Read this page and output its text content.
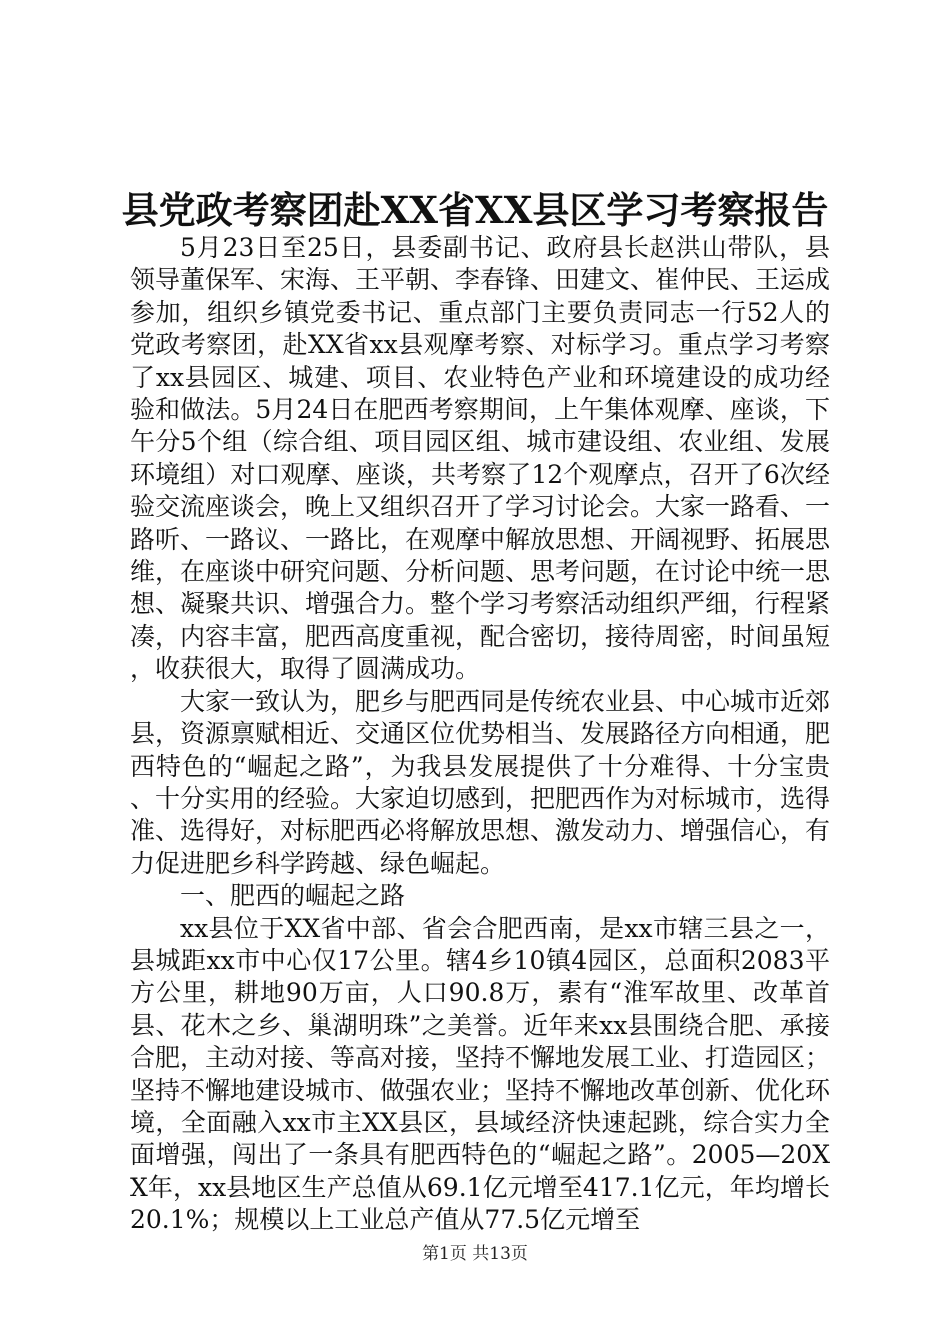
县党政考察团赴XX省XX县区学习考察报告

5月23日至25日，县委副书记、政府县长赵洪山带队，县领导董保军、宋海、王平朝、李春锋、田建文、崔仲民、王运成参加，组织乡镇党委书记、重点部门主要负责同志一行52人的党政考察团，赴XX省xx县观摩考察、对标学习。重点学习考察了xx县园区、城建、项目、农业特色产业和环境建设的成功经验和做法。5月24日在肥西考察期间，上午集体观摩、座谈，下午分5个组（综合组、项目园区组、城市建设组、农业组、发展环境组）对口观摩、座谈，共考察了12个观摩点，召开了6次经验交流座谈会，晚上又组织召开了学习讨论会。大家一路看、一路听、一路议、一路比，在观摩中解放思想、开阔视野、拓展思维，在座谈中研究问题、分析问题、思考问题，在讨论中统一思想、凝聚共识、增强合力。整个学习考察活动组织严细，行程紧凑，内容丰富，肥西高度重视，配合密切，接待周密，时间虽短，收获很大，取得了圆满成功。

大家一致认为，肥乡与肥西同是传统农业县、中心城市近郊县，资源禀赋相近、交通区位优势相当、发展路径方向相通，肥西特色的“崛起之路”，为我县发展提供了十分难得、十分宝贵、十分实用的经验。大家迫切感到，把肥西作为对标城市，选得准、选得好，对标肥西必将解放思想、激发动力、增强信心，有力促进肥乡科学跨越、绿色崛起。

一、肥西的崛起之路

xx县位于XX省中部、省会合肥西南，是xx市辖三县之一，县城距xx市中心仅17公里。辖4乡10镇4园区，总面积2083平方公里，耕地90万亩，人口90.8万，素有“淮军故里、改革首县、花木之乡、巢湖明珠”之美誉。近年来xx县围绕合肥、承接合肥，主动对接、等高对接，坚持不懈地发展工业、打造园区；坚持不懈地建设城市、做强农业；坚持不懈地改革创新、优化环境，全面融入xx市主XX县区，县域经济快速起跳，综合实力全面增强，闯出了一条具有肥西特色的“崛起之路”。2005—20XX年，xx县地区生产总值从69.1亿元增至417.1亿元，年均增长20.1%；规模以上工业总产值从77.5亿元增至

第1页 共13页
